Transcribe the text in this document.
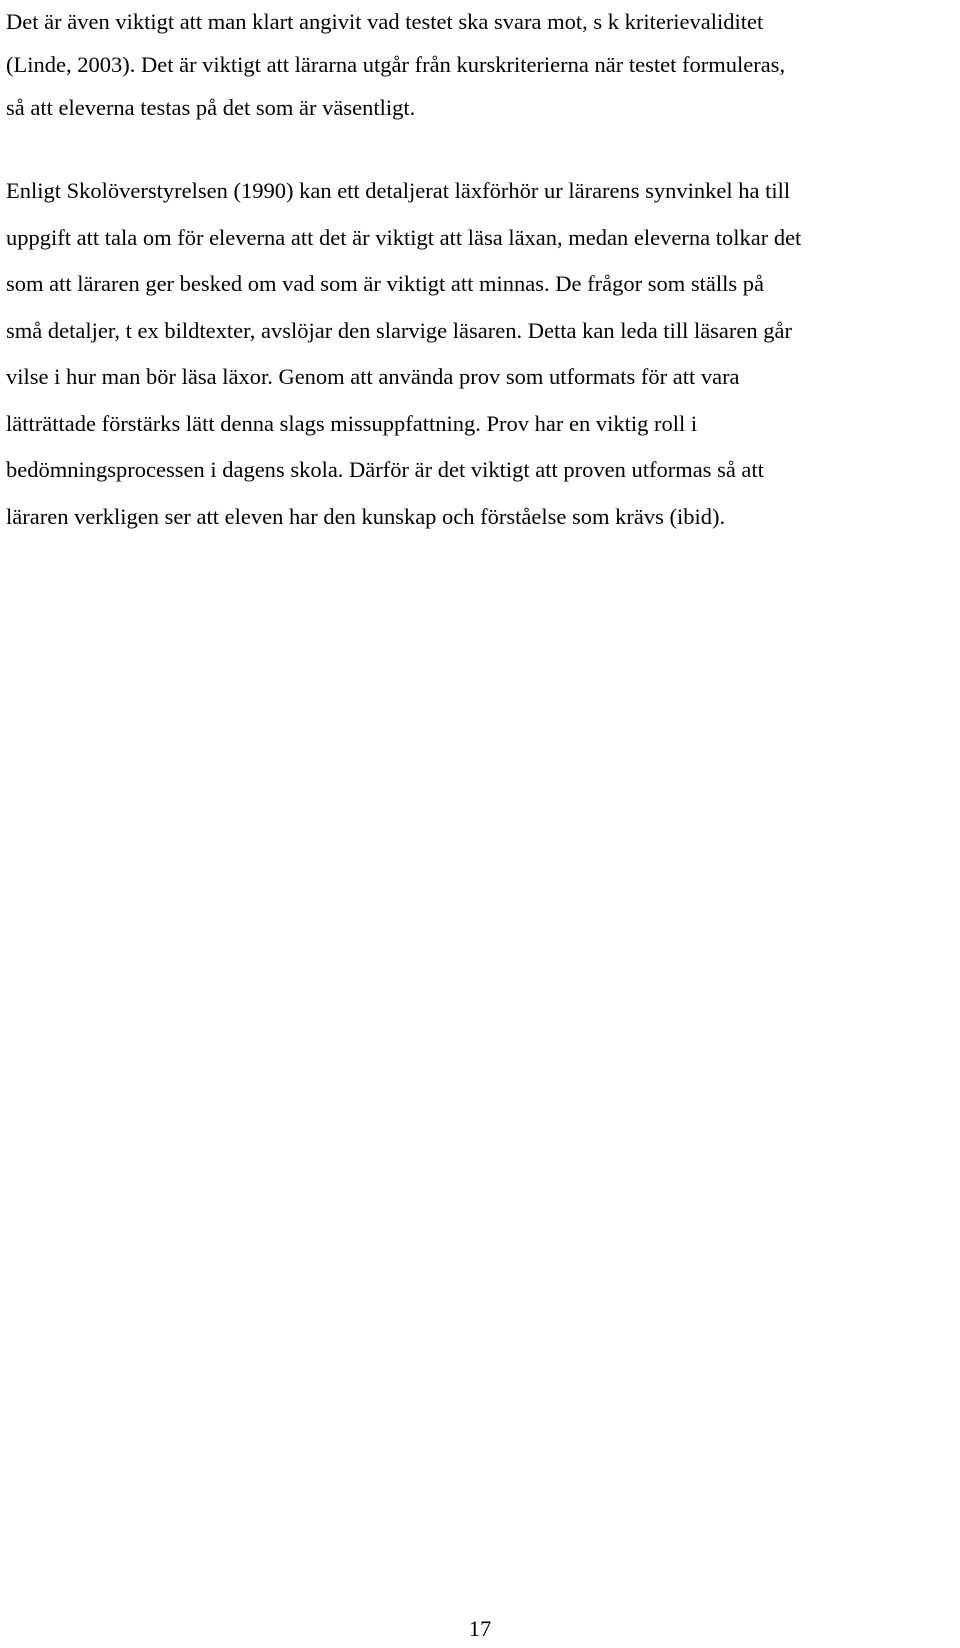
Det är även viktigt att man klart angivit vad testet ska svara mot, s k kriterievaliditet
(Linde, 2003). Det är viktigt att lärarna utgår från kurskriterierna när testet formuleras,
så att eleverna testas på det som är väsentligt.
Enligt Skolöverstyrelsen (1990) kan ett detaljerat läxförhör ur lärarens synvinkel ha till
uppgift att tala om för eleverna att det är viktigt att läsa läxan, medan eleverna tolkar det
som att läraren ger besked om vad som är viktigt att minnas. De frågor som ställs på
små detaljer, t ex bildtexter, avslöjar den slarvige läsaren. Detta kan leda till läsaren går
vilse i hur man bör läsa läxor. Genom att använda prov som utformats för att vara
lätträttade förstärks lätt denna slags missuppfattning. Prov har en viktig roll i
bedömningsprocessen i dagens skola. Därför är det viktigt att proven utformas så att
läraren verkligen ser att eleven har den kunskap och förståelse som krävs (ibid).
17
